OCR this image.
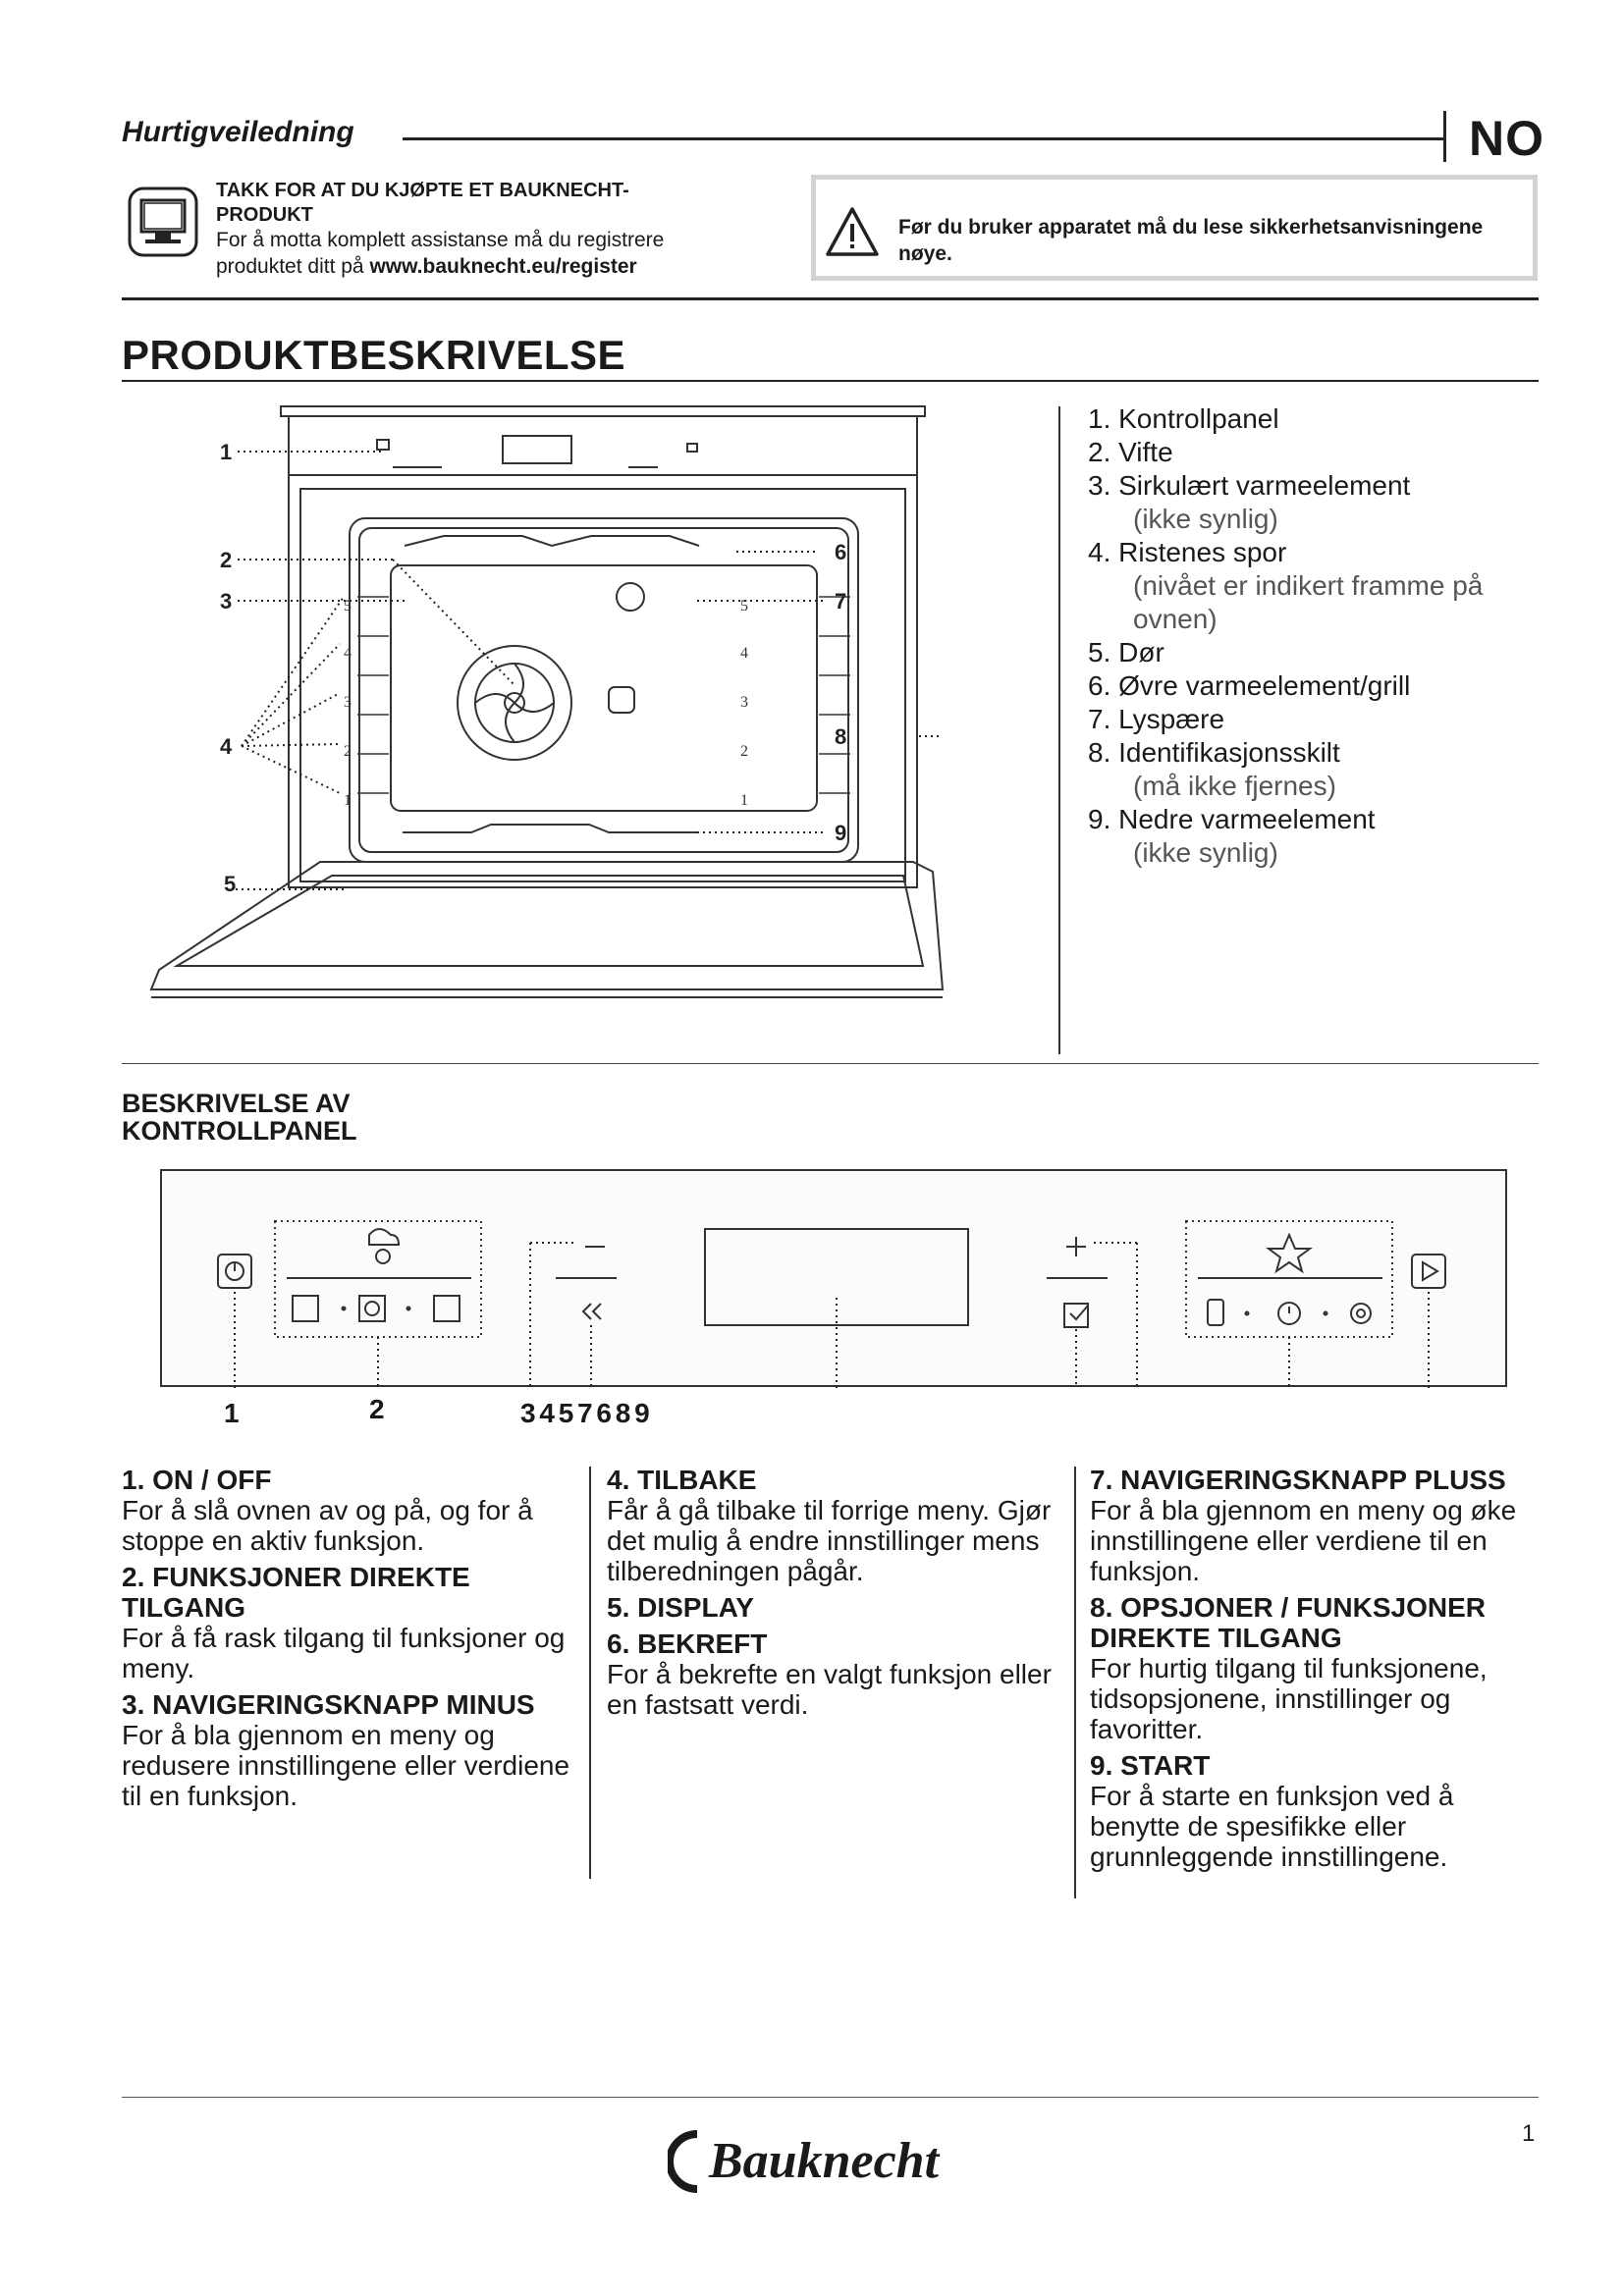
Hurtigveiledning	NO
TAKK FOR AT DU KJØPTE ET BAUKNECHT-PRODUKT
For å motta komplett assistanse må du registrere
produktet ditt på www.bauknecht.eu/register
Før du bruker apparatet må du lese sikkerhetsanvisningene nøye.
PRODUKTBESKRIVELSE
1
2
3
4
5
6
7
8
9
5
4
3
2
1
5
4
3
2
1
1. Kontrollpanel
2. Vifte
3. Sirkulært varmeelement
(ikke synlig)
4. Ristenes spor
(nivået er indikert framme på ovnen)
5. Dør
6. Øvre varmeelement/grill
7. Lyspære
8. Identifikasjonsskilt
(må ikke fjernes)
9. Nedre varmeelement
(ikke synlig)
BESKRIVELSE AV KONTROLLPANEL
1	2	3 4 5 7 6 8 9
1. ON / OFF
For å slå ovnen av og på, og for å stoppe en aktiv funksjon.
2. FUNKSJONER DIREKTE TILGANG
For å få rask tilgang til funksjoner og meny.
3. NAVIGERINGSKNAPP MINUS
For å bla gjennom en meny og redusere innstillingene eller verdiene til en funksjon.
4. TILBAKE
Får å gå tilbake til forrige meny. Gjør det mulig å endre innstillinger mens tilberedningen pågår.
5. DISPLAY
6. BEKREFT
For å bekrefte en valgt funksjon eller en fastsatt verdi.
7. NAVIGERINGSKNAPP PLUSS
For å bla gjennom en meny og øke innstillingene eller verdiene til en funksjon.
8. OPSJONER / FUNKSJONER DIREKTE TILGANG
For hurtig tilgang til funksjonene, tidsopsjonene, innstillinger og favoritter.
9. START
For å starte en funksjon ved å benytte de spesifikke eller grunnleggende innstillingene.
Bauknecht	1
